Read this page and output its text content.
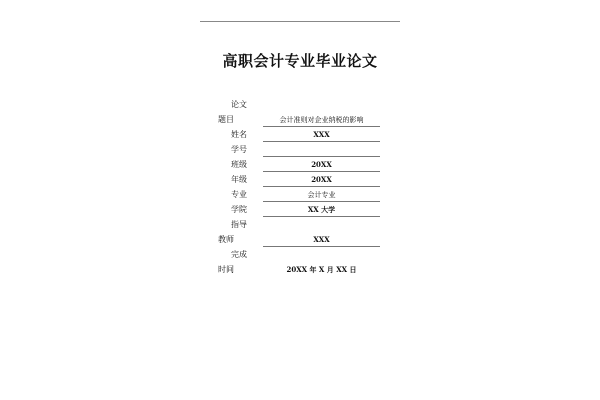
高职会计专业毕业论文
论文
题目	会计准则对企业纳税的影响
姓名	XXX
学号
班级	20XX
年级	20XX
专业	会计专业
学院	XX 大学
指导
教师	XXX
完成
时间	20XX 年 X 月 XX 日
